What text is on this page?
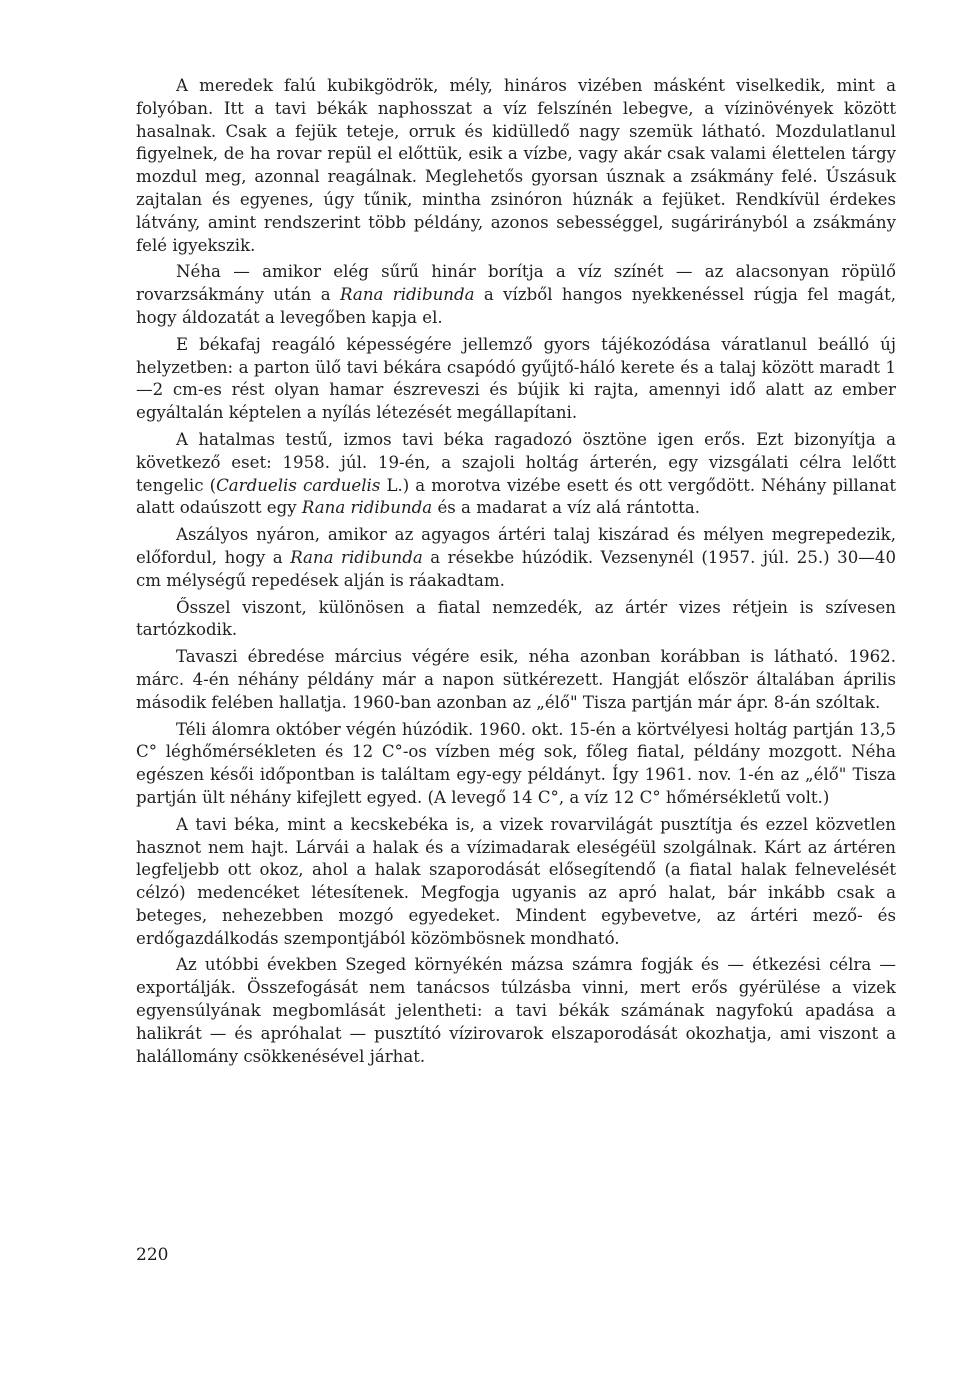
A meredek falú kubikgödrök, mély, hináros vizében másként viselkedik, mint a folyóban. Itt a tavi békák naphosszat a víz felszínén lebegve, a vízinövények között hasalnak. Csak a fejük teteje, orruk és kidülledő nagy szemük látható. Mozdulatlanul figyelnek, de ha rovar repül el előttük, esik a vízbe, vagy akár csak valami élettelen tárgy mozdul meg, azonnal reagálnak. Meglehetős gyorsan úsznak a zsákmány felé. Úszásuk zajtalan és egyenes, úgy tűnik, mintha zsinóron húznák a fejüket. Rendkívül érdekes látvány, amint rendszerint több példány, azonos sebességgel, sugárirányból a zsákmány felé igyekszik.

Néha — amikor elég sűrű hinár borítja a víz színét — az alacsonyan röpülő rovarzsákmány után a Rana ridibunda a vízből hangos nyekkenéssel rúgja fel magát, hogy áldozatát a levegőben kapja el.

E békafaj reagáló képességére jellemző gyors tájékozódása váratlanul beálló új helyzetben: a parton ülő tavi békára csapódó gyűjtő-háló kerete és a talaj között maradt 1—2 cm-es rést olyan hamar észreveszi és bújik ki rajta, amennyi idő alatt az ember egyáltalán képtelen a nyílás létezését megállapítani.

A hatalmas testű, izmos tavi béka ragadozó ösztöne igen erős. Ezt bizonyítja a következő eset: 1958. júl. 19-én, a szajoli holtág árterén, egy vizsgálati célra lelőtt tengelic (Carduelis carduelis L.) a morotva vizébe esett és ott vergődött. Néhány pillanat alatt odaúszott egy Rana ridibunda és a madarat a víz alá rántotta.

Aszályos nyáron, amikor az agyagos ártéri talaj kiszárad és mélyen megrepedezik, előfordul, hogy a Rana ridibunda a résekbe húzódik. Vezsenynél (1957. júl. 25.) 30—40 cm mélységű repedések alján is ráakadtam.

Ősszel viszont, különösen a fiatal nemzedék, az ártér vizes rétjein is szívesen tartózkodik.

Tavaszi ébredése március végére esik, néha azonban korábban is látható. 1962. márc. 4-én néhány példány már a napon sütkérezett. Hangját először általában április második felében hallatja. 1960-ban azonban az „élő" Tisza partján már ápr. 8-án szóltak.

Téli álomra október végén húzódik. 1960. okt. 15-én a körtvélyesi holtág partján 13,5 C° léghőmérsékleten és 12 C°-os vízben még sok, főleg fiatal, példány mozgott. Néha egészen késői időpontban is találtam egy-egy példányt. Így 1961. nov. 1-én az „élő" Tisza partján ült néhány kifejlett egyed. (A levegő 14 C°, a víz 12 C° hőmérsékletű volt.)

A tavi béka, mint a kecskebéka is, a vizek rovarvilágát pusztítja és ezzel közvetlen hasznot nem hajt. Lárvái a halak és a vízimadarak eleségéül szolgálnak. Kárt az ártéren legfeljebb ott okoz, ahol a halak szaporodását elősegítendő (a fiatal halak felnevelését célzó) medencéket létesítenek. Megfogja ugyanis az apró halat, bár inkább csak a beteges, nehezebben mozgó egyedeket. Mindent egybevetve, az ártéri mező- és erdőgazdálkodás szempontjából közömbösnek mondható.

Az utóbbi években Szeged környékén mázsa számra fogják és — étkezési célra — exportálják. Összefogását nem tanácsos túlzásba vinni, mert erős gyérülése a vizek egyensúlyának megbomlását jelentheti: a tavi békák számának nagyfokú apadása a halikrát — és apróhalat — pusztító vízirovarok elszaporodását okozhatja, ami viszont a halállomány csökkenésével járhat.

220
